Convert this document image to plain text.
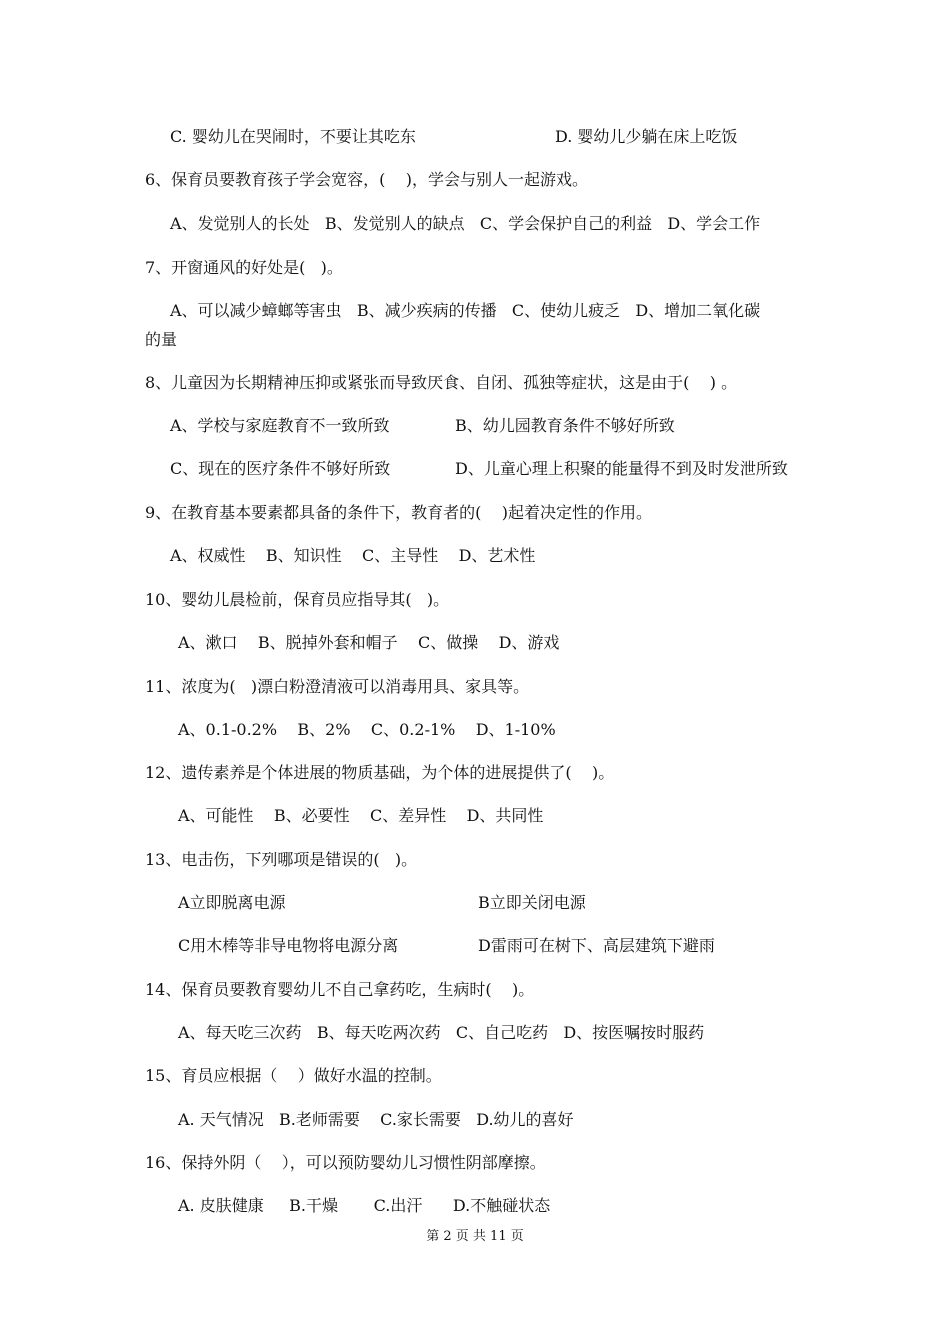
C. 婴幼儿在哭闹时，不要让其吃东	D. 婴幼儿少躺在床上吃饭
6、保育员要教育孩子学会宽容，(    )，学会与别人一起游戏。
A、发觉别人的长处   B、发觉别人的缺点   C、学会保护自己的利益   D、学会工作
7、开窗通风的好处是(   )。
A、可以减少蟑螂等害虫   B、减少疾病的传播   C、使幼儿疲乏   D、增加二氧化碳
的量
8、儿童因为长期精神压抑或紧张而导致厌食、自闭、孤独等症状，这是由于(    ) 。
A、学校与家庭教育不一致所致	B、幼儿园教育条件不够好所致
C、现在的医疗条件不够好所致	D、儿童心理上积聚的能量得不到及时发泄所致
9、在教育基本要素都具备的条件下，教育者的(    )起着决定性的作用。
A、权威性    B、知识性    C、主导性    D、艺术性
10、婴幼儿晨检前，保育员应指导其(   )。
A、漱口    B、脱掉外套和帽子    C、做操    D、游戏
11、浓度为(   )漂白粉澄清液可以消毒用具、家具等。
A、0.1-0.2%    B、2%    C、0.2-1%    D、1-10%
12、遗传素养是个体进展的物质基础，为个体的进展提供了(    )。
A、可能性    B、必要性    C、差异性    D、共同性
13、电击伤，下列哪项是错误的(   )。
A立即脱离电源	B立即关闭电源
C用木棒等非导电物将电源分离	D雷雨可在树下、高层建筑下避雨
14、保育员要教育婴幼儿不自己拿药吃，生病时(    )。
A、每天吃三次药   B、每天吃两次药   C、自己吃药   D、按医嘱按时服药
15、育员应根据（    ）做好水温的控制。
A. 天气情况   B.老师需要    C.家长需要   D.幼儿的喜好
16、保持外阴（    ），可以预防婴幼儿习惯性阴部摩擦。
A. 皮肤健康     B.干燥       C.出汗      D.不触碰状态
第 2 页 共 11 页
